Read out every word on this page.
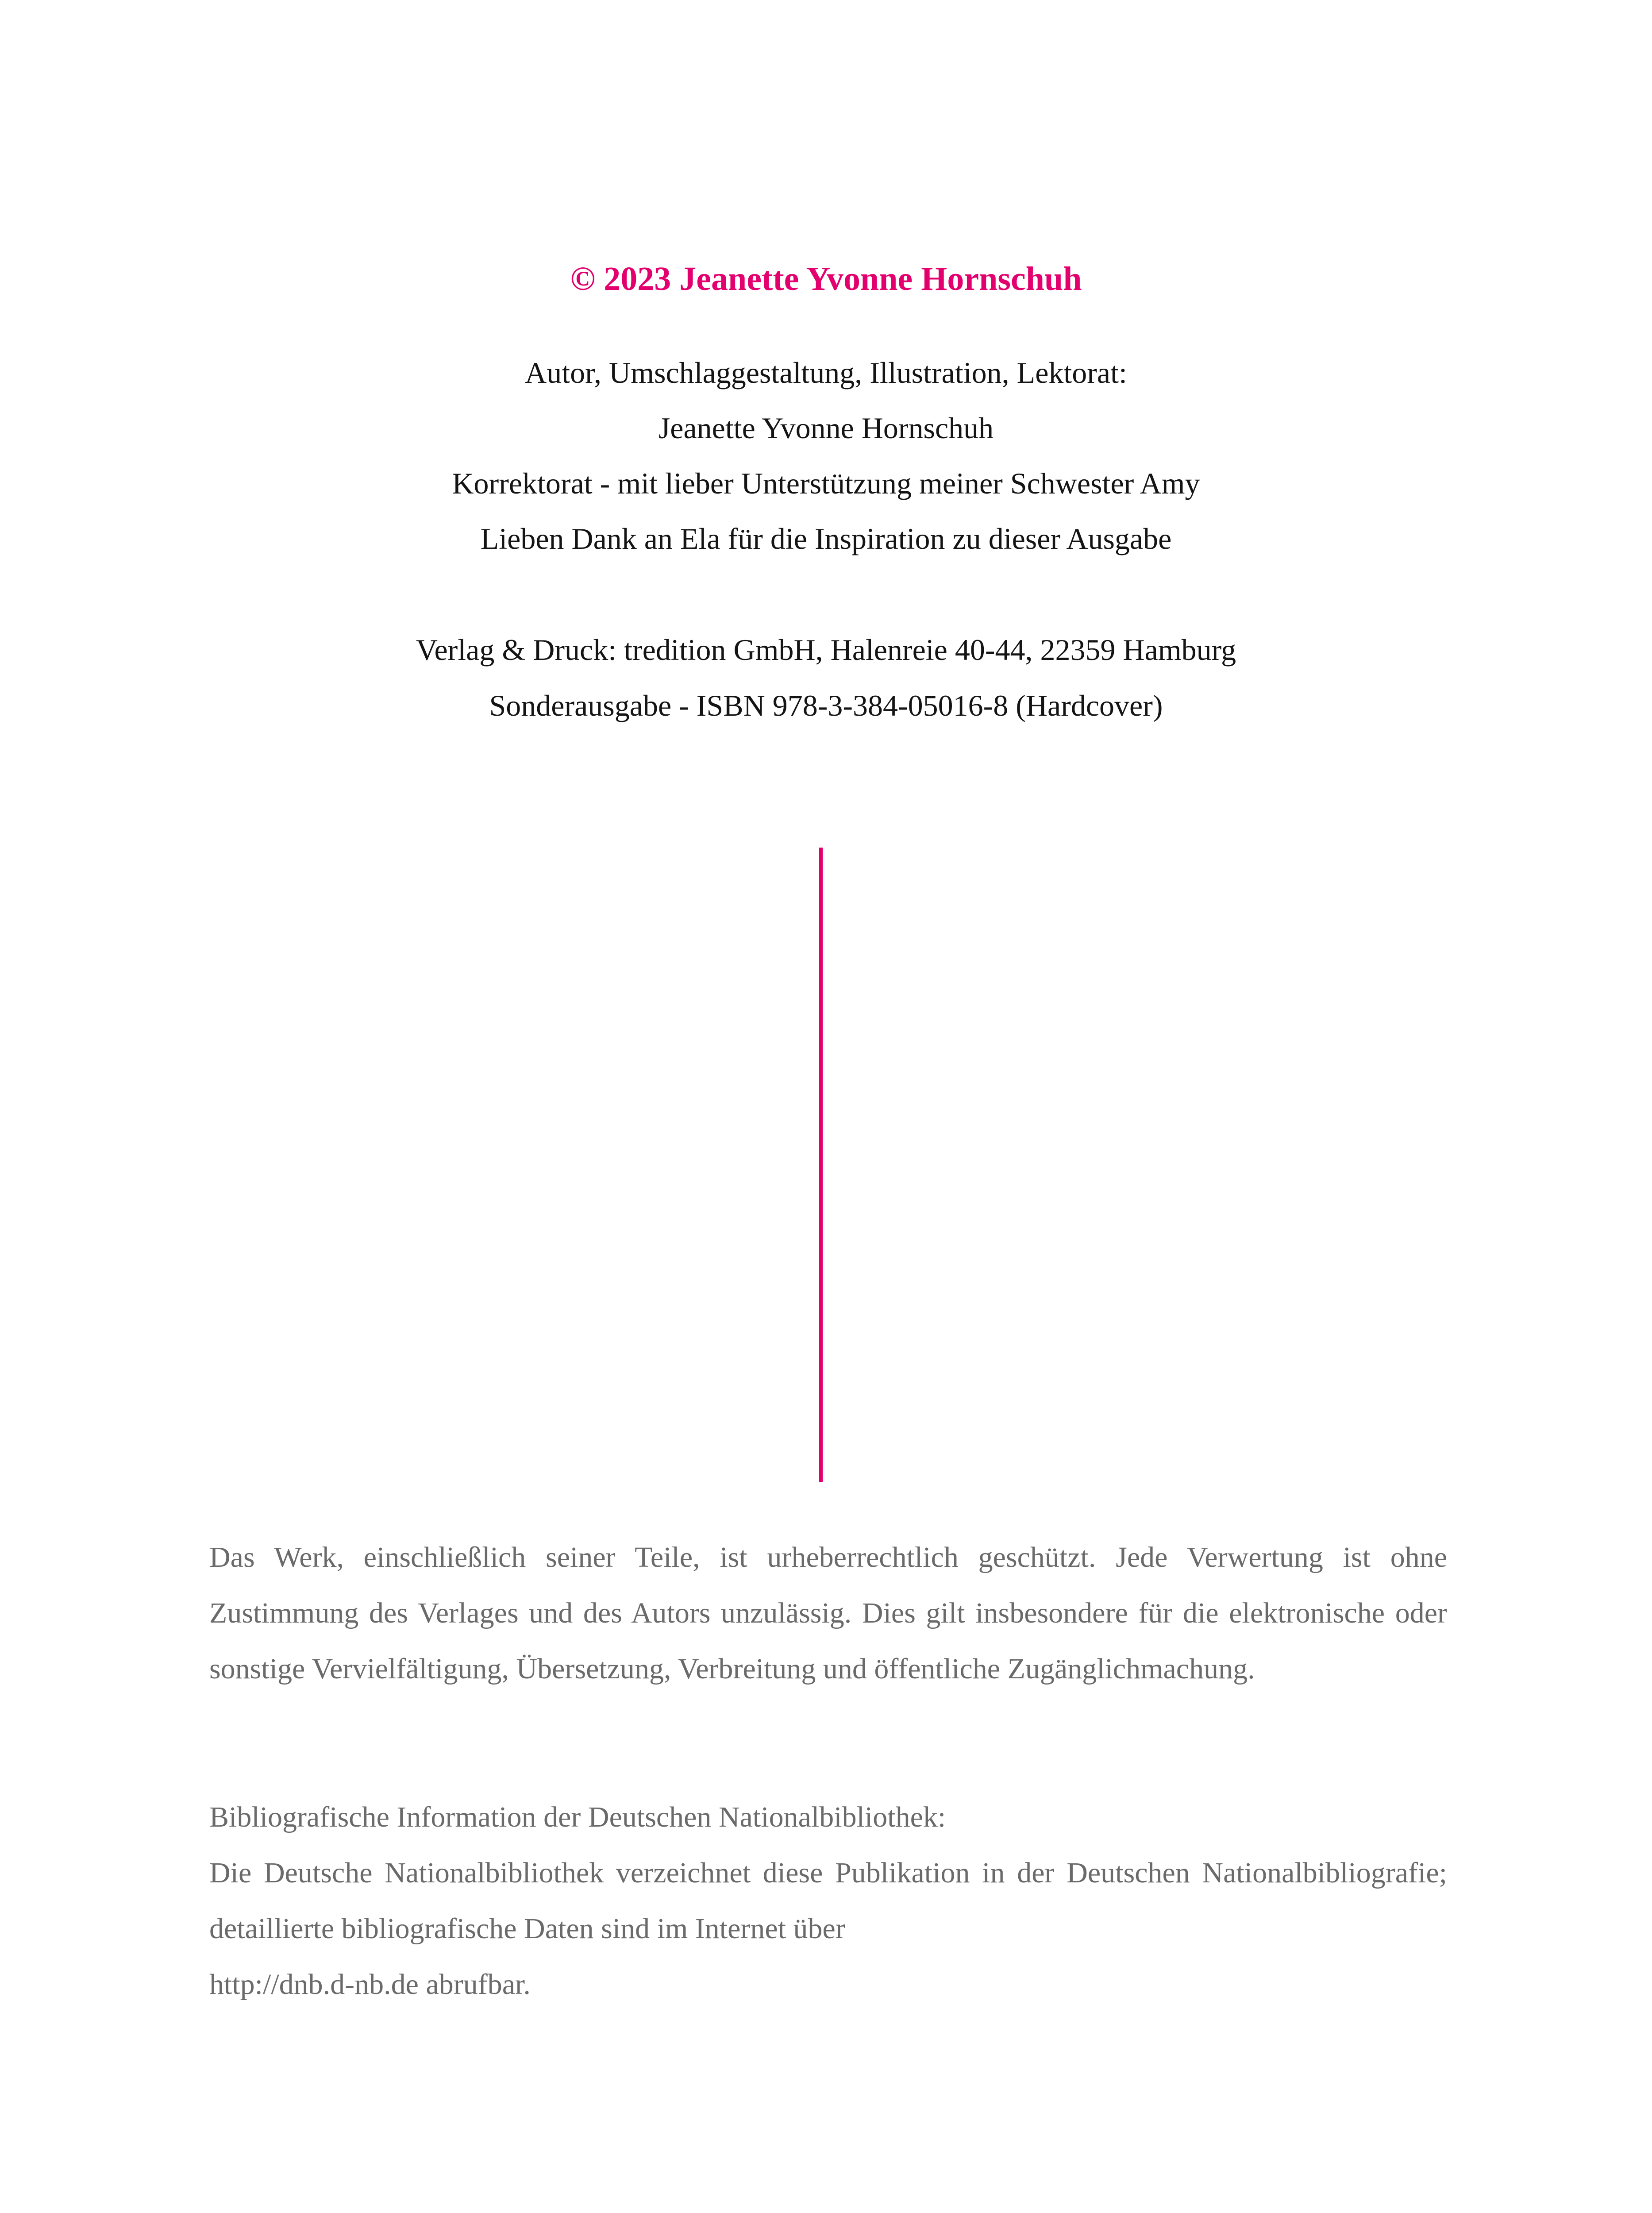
© 2023 Jeanette Yvonne Hornschuh
Autor, Umschlaggestaltung, Illustration, Lektorat:
Jeanette Yvonne Hornschuh
Korrektorat - mit lieber Unterstützung meiner Schwester Amy
Lieben Dank an Ela für die Inspiration zu dieser Ausgabe
Verlag & Druck: tredition GmbH, Halenreie 40-44, 22359 Hamburg
Sonderausgabe - ISBN 978-3-384-05016-8 (Hardcover)
Das Werk, einschließlich seiner Teile, ist urheberrechtlich geschützt. Jede Verwertung ist ohne Zustimmung des Verlages und des Autors unzulässig. Dies gilt insbesondere für die elektronische oder sonstige Vervielfältigung, Übersetzung, Verbreitung und öffentliche Zugänglichmachung.
Bibliografische Information der Deutschen Nationalbibliothek:
Die Deutsche Nationalbibliothek verzeichnet diese Publikation in der Deutschen Nationalbibliografie; detaillierte bibliografische Daten sind im Internet über
http://dnb.d-nb.de abrufbar.
